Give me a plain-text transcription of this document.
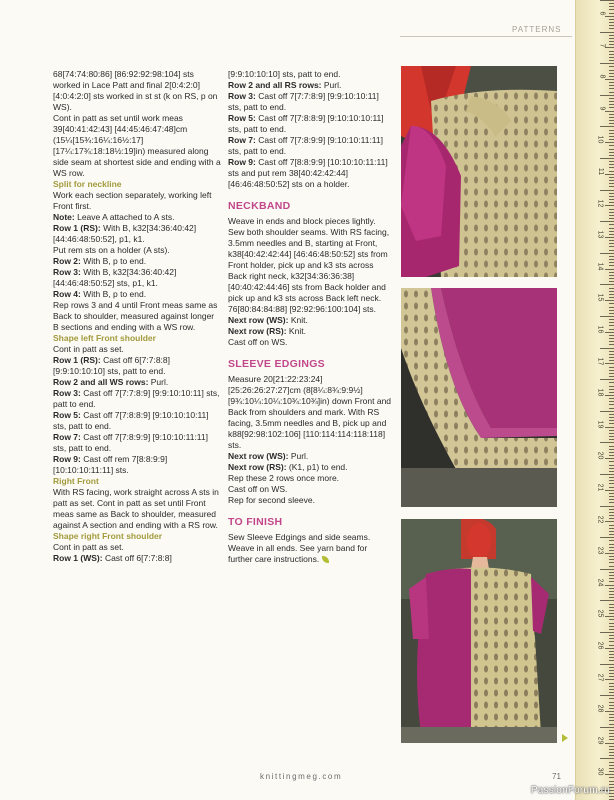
PATTERNS

68[74:74:80:86] [86:92:92:98:104] sts worked in Lace Patt and final 2[0:4:2:0] [4:0:4:2:0] sts worked in st st (k on RS, p on WS).

Cont in patt as set until work meas 39[40:41:42:43] [44:45:46:47:48]cm (15¼[15¾:16¼:16½:17] [17¼:17¾:18:18½:19]in) measured along side seam at shortest side and ending with a WS row.

Split for neckline

Work each section separately, working left Front first.

Note: Leave A attached to A sts.

Row 1 (RS): With B, k32[34:36:40:42] [44:46:48:50:52], p1, k1.

Put rem sts on a holder (A sts).

Row 2: With B, p to end.

Row 3: With B, k32[34:36:40:42] [44:46:48:50:52] sts, p1, k1.

Row 4: With B, p to end.

Rep rows 3 and 4 until Front meas same as Back to shoulder, measured against longer B sections and ending with a WS row.

Shape left Front shoulder

Cont in patt as set.

Row 1 (RS): Cast off 6[7:7:8:8] [9:9:10:10:10] sts, patt to end.

Row 2 and all WS rows: Purl.

Row 3: Cast off 7[7:7:8:9] [9:9:10:10:11] sts, patt to end.

Row 5: Cast off 7[7:8:8:9] [9:10:10:10:11] sts, patt to end.

Row 7: Cast off 7[7:8:9:9] [9:10:10:11:11] sts, patt to end.

Row 9: Cast off rem 7[8:8:9:9] [10:10:10:11:11] sts.

Right Front

With RS facing, work straight across A sts in patt as set. Cont in patt as set until Front meas same as Back to shoulder, measured against A section and ending with a RS row.

Shape right Front shoulder

Cont in patt as set.

Row 1 (WS): Cast off 6[7:7:8:8]

[9:9:10:10:10] sts, patt to end.

Row 2 and all RS rows: Purl.

Row 3: Cast off 7[7:7:8:9] [9:9:10:10:11] sts, patt to end.

Row 5: Cast off 7[7:8:8:9] [9:10:10:10:11] sts, patt to end.

Row 7: Cast off 7[7:8:9:9] [9:10:10:11:11] sts, patt to end.

Row 9: Cast off 7[8:8:9:9] [10:10:10:11:11] sts and put rem 38[40:42:42:44] [46:46:48:50:52] sts on a holder.

NECKBAND

Weave in ends and block pieces lightly. Sew both shoulder seams. With RS facing, 3.5mm needles and B, starting at Front, k38[40:42:42:44] [46:46:48:50:52] sts from Front holder, pick up and k3 sts across Back right neck, k32[34:36:36:38] [40:40:42:44:46] sts from Back holder and pick up and k3 sts across Back left neck. 76[80:84:84:88] [92:92:96:100:104] sts.

Next row (WS): Knit.

Next row (RS): Knit.

Cast off on WS.

SLEEVE EDGINGS

Measure 20[21:22:23:24] [25:26:26:27:27]cm (8[8¼:8¾:9:9½] [9¾:10¼:10¼:10¾:10¾]in) down Front and Back from shoulders and mark. With RS facing, 3.5mm needles and B, pick up and k88[92:98:102:106] [110:114:114:118:118] sts.

Next row (WS): Purl.

Next row (RS): (K1, p1) to end.

Rep these 2 rows once more.

Cast off on WS.

Rep for second sleeve.

TO FINISH

Sew Sleeve Edgings and side seams. Weave in all ends. See yarn band for further care instructions.

6
7
8
9
10
11
12
13
14
15
16
17
18
19
20
21
22
23
24
25
26
27
28
29
30
knittingmeg.com	71
PassionForum.ru
